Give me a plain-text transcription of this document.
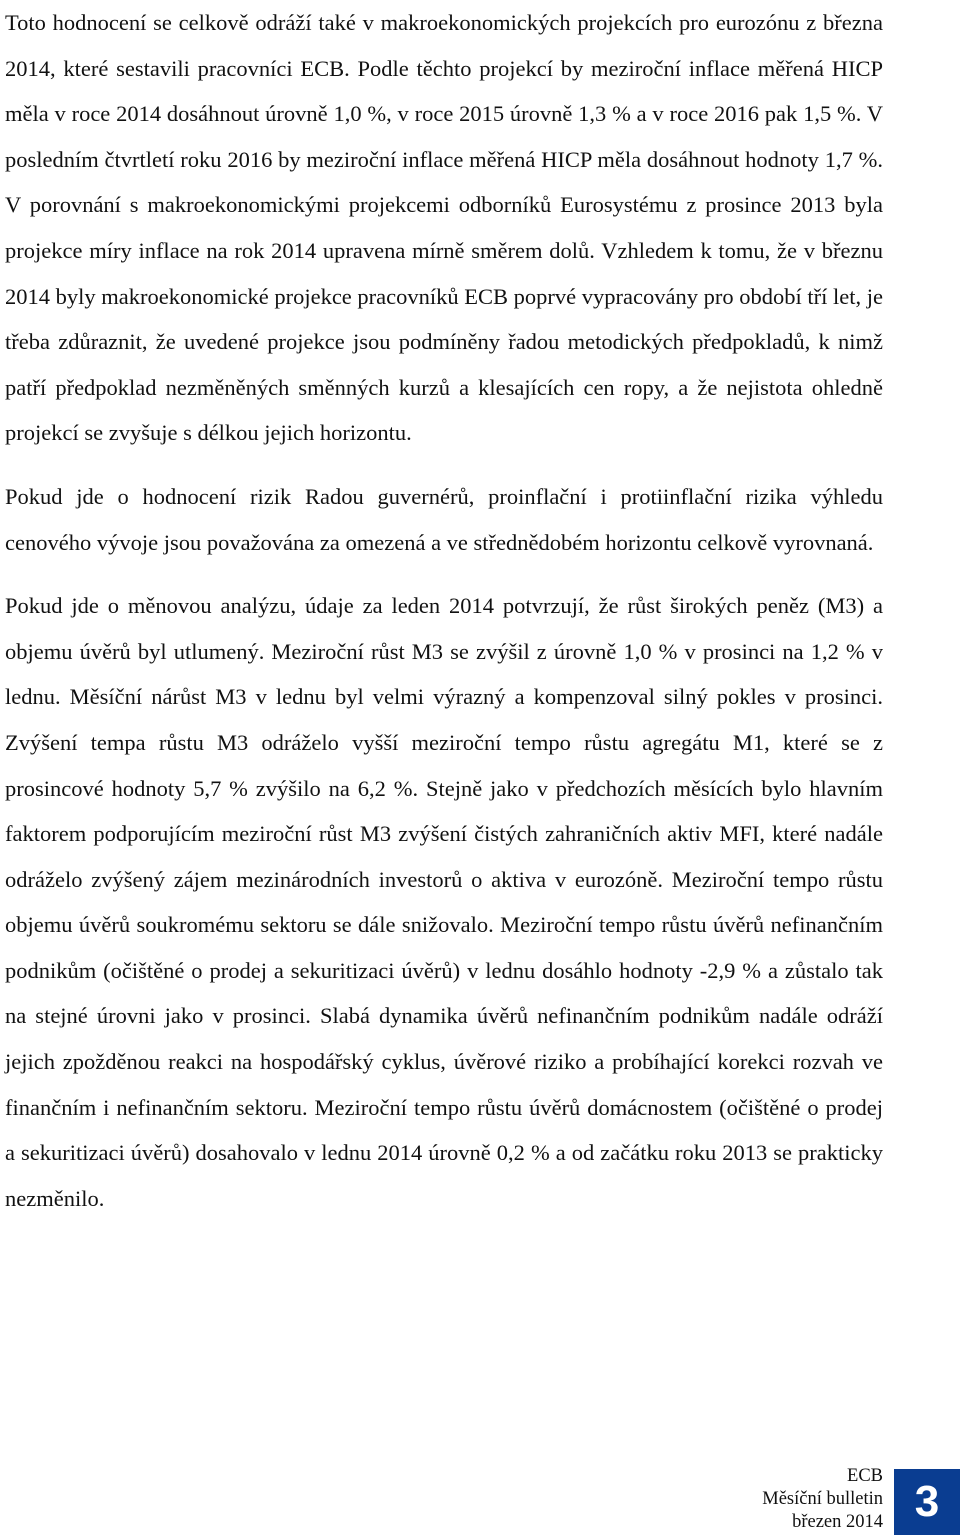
Toto hodnocení se celkově odráží také v makroekonomických projekcích pro eurozónu z března 2014, které sestavili pracovníci ECB. Podle těchto projekcí by meziroční inflace měřená HICP měla v roce 2014 dosáhnout úrovně 1,0 %, v roce 2015 úrovně 1,3 % a v roce 2016 pak 1,5 %. V posledním čtvrtletí roku 2016 by meziroční inflace měřená HICP měla dosáhnout hodnoty 1,7 %. V porovnání s makroekonomickými projekcemi odborníků Eurosystému z prosince 2013 byla projekce míry inflace na rok 2014 upravena mírně směrem dolů. Vzhledem k tomu, že v březnu 2014 byly makroekonomické projekce pracovníků ECB poprvé vypracovány pro období tří let, je třeba zdůraznit, že uvedené projekce jsou podmíněny řadou metodických předpokladů, k nimž patří předpoklad nezměněných směnných kurzů a klesajících cen ropy, a že nejistota ohledně projekcí se zvyšuje s délkou jejich horizontu.

Pokud jde o hodnocení rizik Radou guvernérů, proinflační i protiinflační rizika výhledu cenového vývoje jsou považována za omezená a ve střednědobém horizontu celkově vyrovnaná.

Pokud jde o měnovou analýzu, údaje za leden 2014 potvrzují, že růst širokých peněz (M3) a objemu úvěrů byl utlumený. Meziroční růst M3 se zvýšil z úrovně 1,0 % v prosinci na 1,2 % v lednu. Měsíční nárůst M3 v lednu byl velmi výrazný a kompenzoval silný pokles v prosinci. Zvýšení tempa růstu M3 odráželo vyšší meziroční tempo růstu agregátu M1, které se z prosincové hodnoty 5,7 % zvýšilo na 6,2 %. Stejně jako v předchozích měsících bylo hlavním faktorem podporujícím meziroční růst M3 zvýšení čistých zahraničních aktiv MFI, které nadále odráželo zvýšený zájem mezinárodních investorů o aktiva v eurozóně. Meziroční tempo růstu objemu úvěrů soukromému sektoru se dále snižovalo. Meziroční tempo růstu úvěrů nefinančním podnikům (očištěné o prodej a sekuritizaci úvěrů) v lednu dosáhlo hodnoty -2,9 % a zůstalo tak na stejné úrovni jako v prosinci. Slabá dynamika úvěrů nefinančním podnikům nadále odráží jejich zpožděnou reakci na hospodářský cyklus, úvěrové riziko a probíhající korekci rozvah ve finančním i nefinančním sektoru. Meziroční tempo růstu úvěrů domácnostem (očištěné o prodej a sekuritizaci úvěrů) dosahovalo v lednu 2014 úrovně 0,2 % a od začátku roku 2013 se prakticky nezměnilo.

ECB
Měsíční bulletin
březen 2014 3
